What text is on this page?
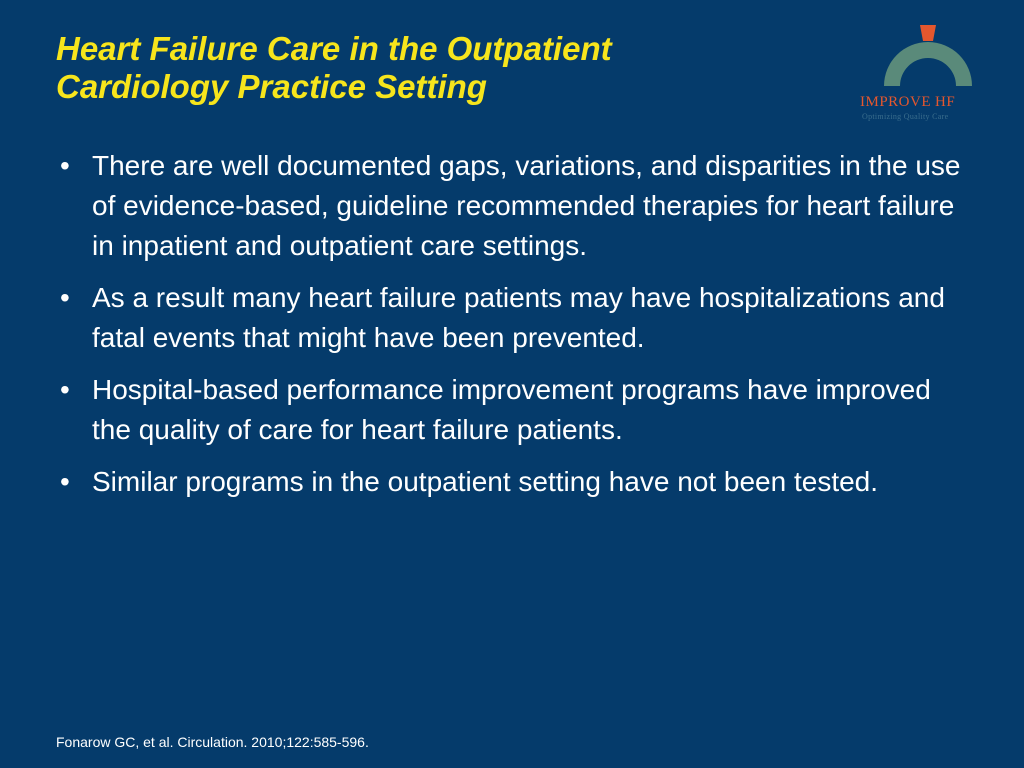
Heart Failure Care in the Outpatient
Cardiology Practice Setting	IMPROVE HF
Optimizing Quality Care
• There are well documented gaps, variations, and disparities in the use of evidence-based, guideline recommended therapies for heart failure in inpatient and outpatient care settings.
• As a result many heart failure patients may have hospitalizations and fatal events that might have been prevented.
• Hospital-based performance improvement programs have improved the quality of care for heart failure patients.
• Similar programs in the outpatient setting have not been tested.
Fonarow GC, et al. Circulation. 2010;122:585-596.
